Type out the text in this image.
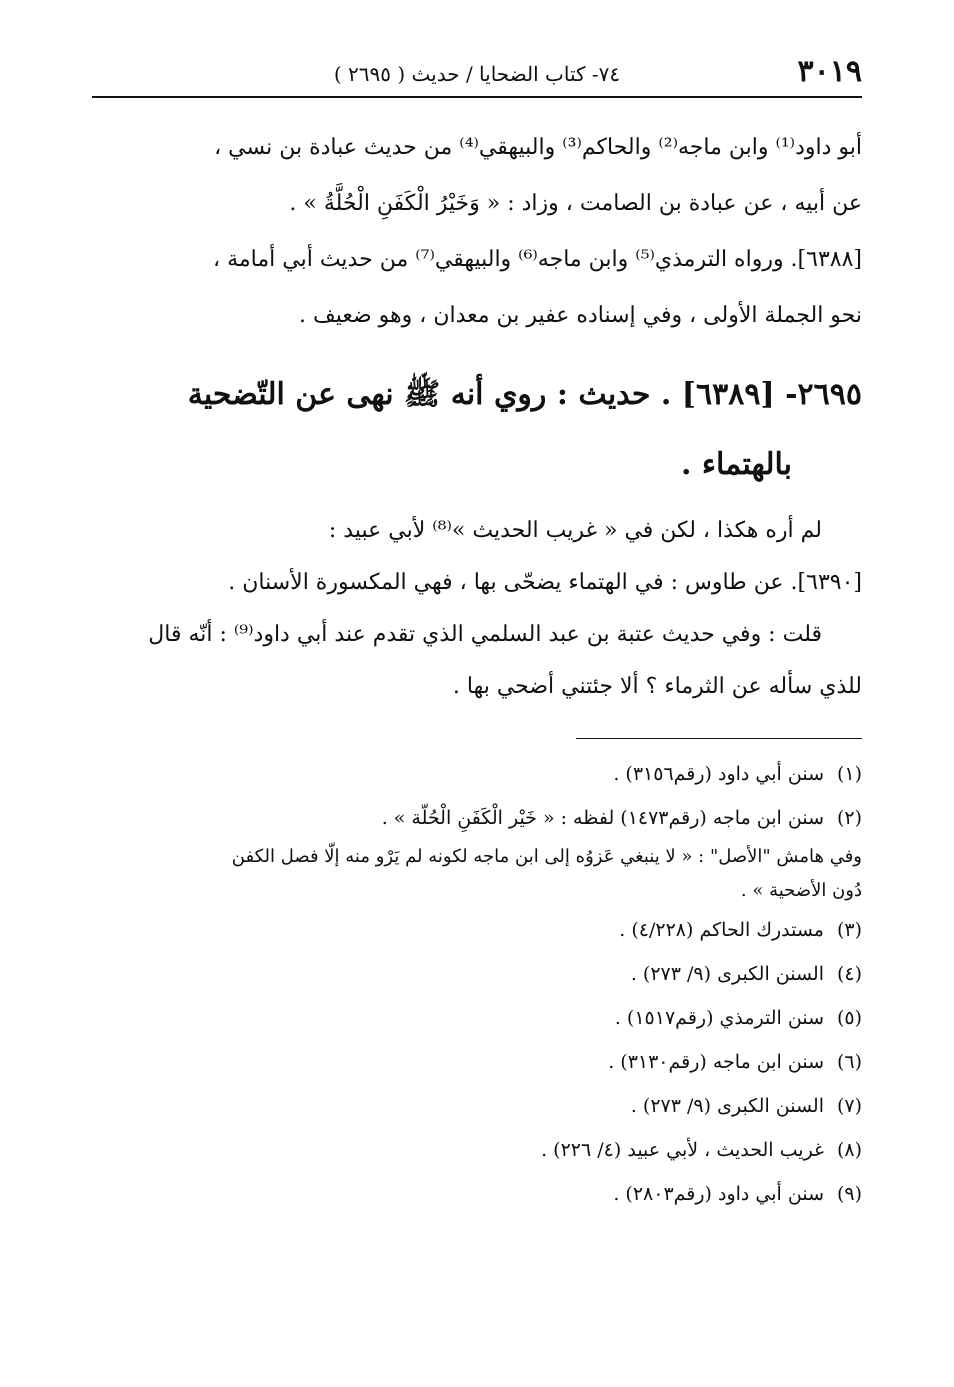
٣٠١٩
٧٤- كتاب الضحايا / حديث ( ٢٦٩٥ )
أبو داود⁽¹⁾ وابن ماجه⁽²⁾ والحاكم⁽³⁾ والبيهقي⁽⁴⁾ من حديث عبادة بن نسي ،
عن أبيه ، عن عبادة بن الصامت ، وزاد : « وَخَيْرُ الْكَفَنِ الْحُلَّةُ » .
[٦٣٨٨]. ورواه الترمذي⁽⁵⁾ وابن ماجه⁽⁶⁾ والبيهقي⁽⁷⁾ من حديث أبي أمامة ،
نحو الجملة الأولى ، وفي إسناده عفير بن معدان ، وهو ضعيف .
٢٦٩٥- [٦٣٨٩] . حديث : روي أنه ﷺ نهى عن التّضحية
بالهتماء .
لم أره هكذا ، لكن في « غريب الحديث »⁽⁸⁾ لأبي عبيد :
[٦٣٩٠]. عن طاوس : في الهتماء يضحّى بها ، فهي المكسورة الأسنان .
قلت : وفي حديث عتبة بن عبد السلمي الذي تقدم عند أبي داود⁽⁹⁾ : أنّه قال
للذي سأله عن الثرماء ؟ ألا جئتني أضحي بها .
(١)سنن أبي داود (رقم٣١٥٦) .
(٢)سنن ابن ماجه (رقم١٤٧٣) لفظه : « خَيْر الْكَفَنِ الْحُلّة » .
وفي هامش "الأصل" : « لا ينبغي عَزوُه إلى ابن ماجه لكونه لم يَرْو منه إلّا فصل الكفن
دُون الأضحية » .
(٣)مستدرك الحاكم (٤/٢٢٨) .
(٤)السنن الكبرى (٩/ ٢٧٣) .
(٥)سنن الترمذي (رقم١٥١٧) .
(٦)سنن ابن ماجه (رقم٣١٣٠) .
(٧)السنن الكبرى (٩/ ٢٧٣) .
(٨)غريب الحديث ، لأبي عبيد (٤/ ٢٢٦) .
(٩)سنن أبي داود (رقم٢٨٠٣) .
